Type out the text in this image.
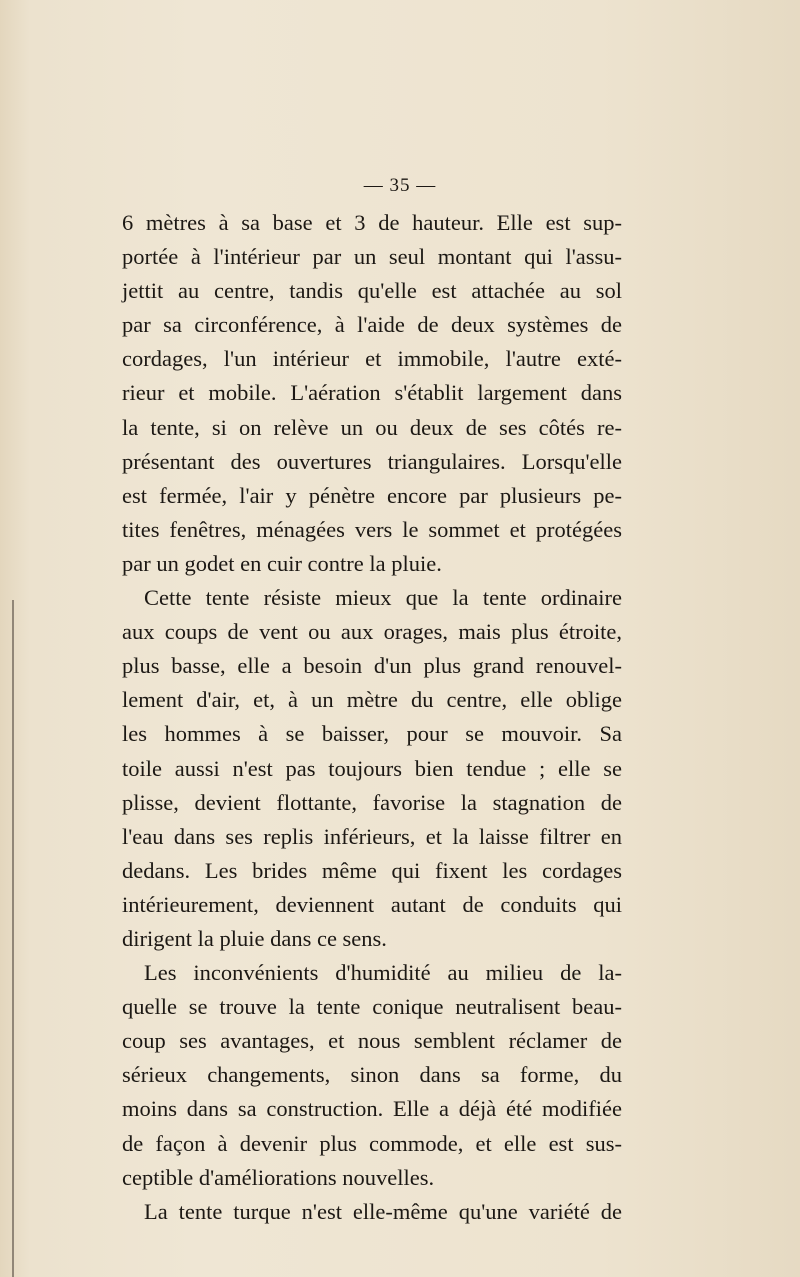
— 35 —
6 mètres à sa base et 3 de hauteur. Elle est sup-
portée à l'intérieur par un seul montant qui l'assu-
jettit au centre, tandis qu'elle est attachée au sol
par sa circonférence, à l'aide de deux systèmes de
cordages, l'un intérieur et immobile, l'autre exté-
rieur et mobile. L'aération s'établit largement dans
la tente, si on relève un ou deux de ses côtés re-
présentant des ouvertures triangulaires. Lorsqu'elle
est fermée, l'air y pénètre encore par plusieurs pe-
tites fenêtres, ménagées vers le sommet et protégées
par un godet en cuir contre la pluie.
Cette tente résiste mieux que la tente ordinaire
aux coups de vent ou aux orages, mais plus étroite,
plus basse, elle a besoin d'un plus grand renouvel-
lement d'air, et, à un mètre du centre, elle oblige
les hommes à se baisser, pour se mouvoir. Sa
toile aussi n'est pas toujours bien tendue ; elle se
plisse, devient flottante, favorise la stagnation de
l'eau dans ses replis inférieurs, et la laisse filtrer en
dedans. Les brides même qui fixent les cordages
intérieurement, deviennent autant de conduits qui
dirigent la pluie dans ce sens.
Les inconvénients d'humidité au milieu de la-
quelle se trouve la tente conique neutralisent beau-
coup ses avantages, et nous semblent réclamer de
sérieux changements, sinon dans sa forme, du
moins dans sa construction. Elle a déjà été modifiée
de façon à devenir plus commode, et elle est sus-
ceptible d'améliorations nouvelles.
La tente turque n'est elle-même qu'une variété de
